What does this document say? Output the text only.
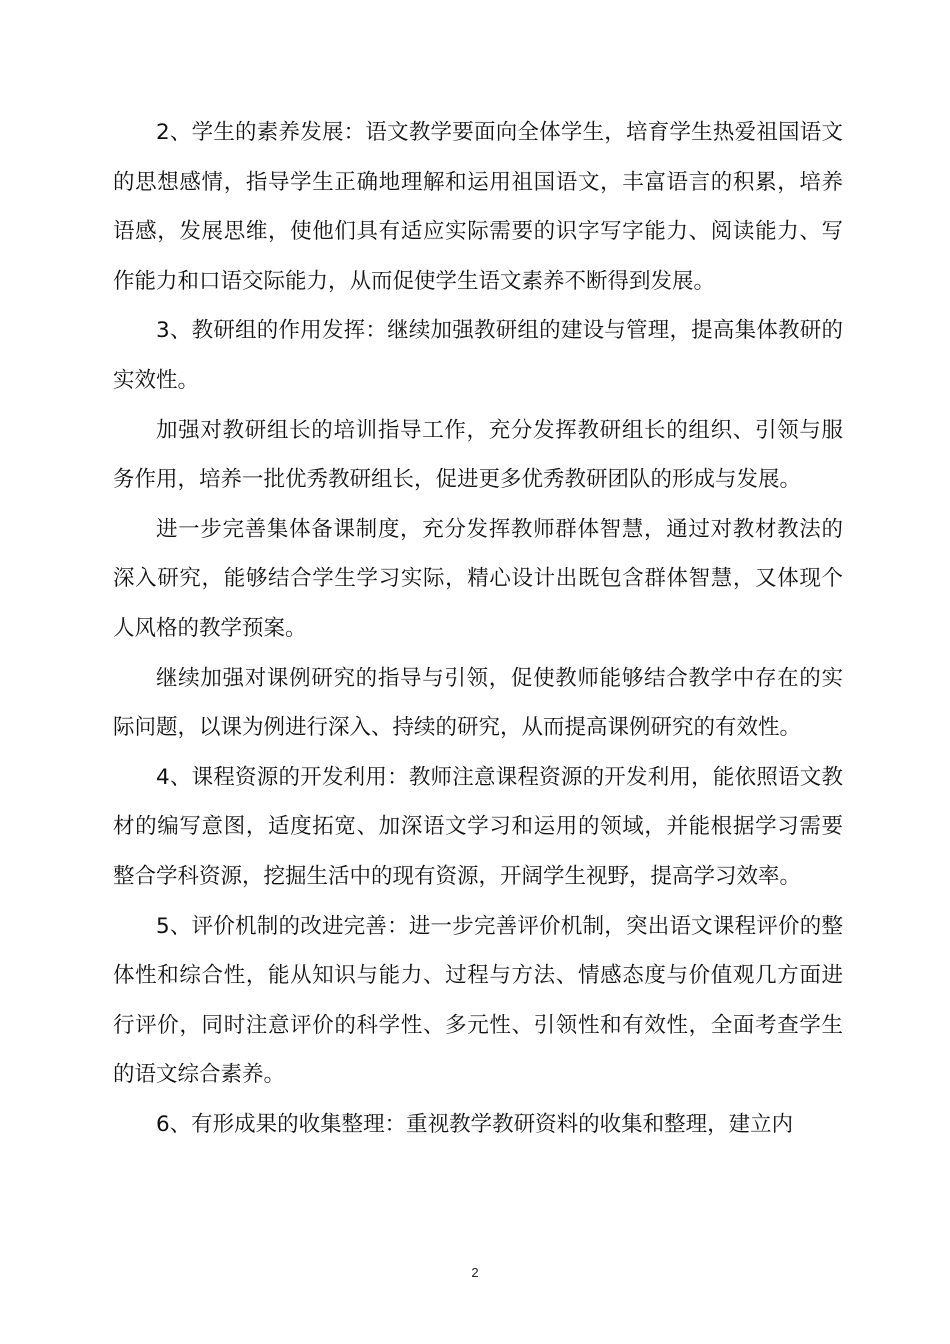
2、学生的素养发展：语文教学要面向全体学生，培育学生热爱祖国语文的思想感情，指导学生正确地理解和运用祖国语文，丰富语言的积累，培养语感，发展思维，使他们具有适应实际需要的识字写字能力、阅读能力、写作能力和口语交际能力，从而促使学生语文素养不断得到发展。

3、教研组的作用发挥：继续加强教研组的建设与管理，提高集体教研的实效性。

加强对教研组长的培训指导工作，充分发挥教研组长的组织、引领与服务作用，培养一批优秀教研组长，促进更多优秀教研团队的形成与发展。

进一步完善集体备课制度，充分发挥教师群体智慧，通过对教材教法的深入研究，能够结合学生学习实际，精心设计出既包含群体智慧，又体现个人风格的教学预案。

继续加强对课例研究的指导与引领，促使教师能够结合教学中存在的实际问题，以课为例进行深入、持续的研究，从而提高课例研究的有效性。

4、课程资源的开发利用：教师注意课程资源的开发利用，能依照语文教材的编写意图，适度拓宽、加深语文学习和运用的领域，并能根据学习需要整合学科资源，挖掘生活中的现有资源，开阔学生视野，提高学习效率。

5、评价机制的改进完善：进一步完善评价机制，突出语文课程评价的整体性和综合性，能从知识与能力、过程与方法、情感态度与价值观几方面进行评价，同时注意评价的科学性、多元性、引领性和有效性，全面考查学生的语文综合素养。

6、有形成果的收集整理：重视教学教研资料的收集和整理，建立内

2
